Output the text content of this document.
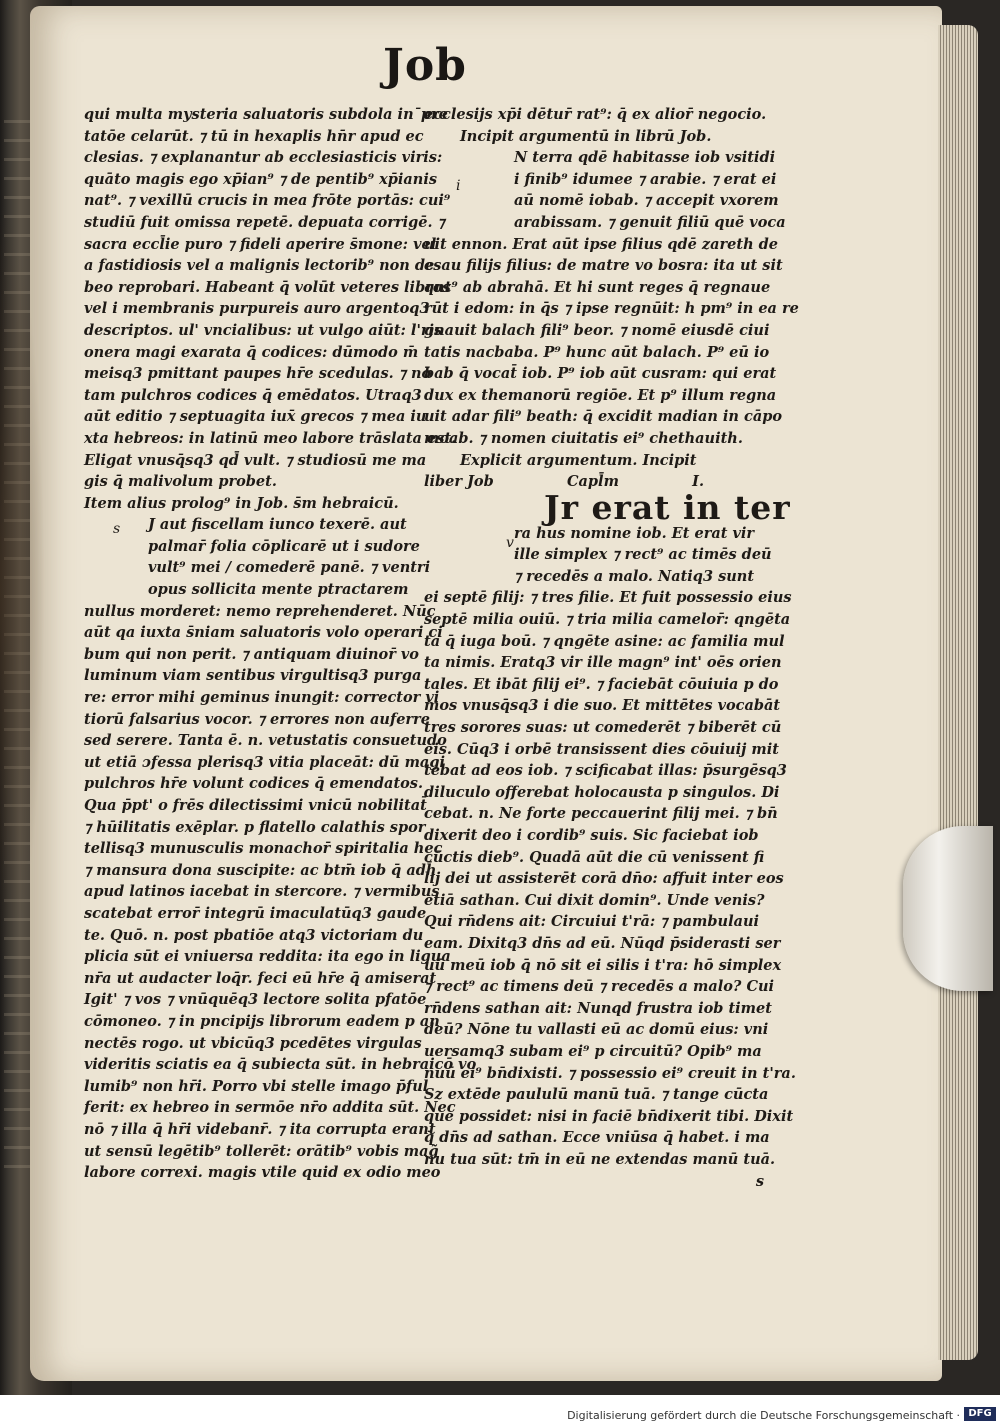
Job
qui multa mysteria saluatoris subdola in¯pre
tatōe celarūt. ⁊ tū in hexaplis hn̄r apud ec
clesias. ⁊ explanantur ab ecclesiasticis viris:
quāto magis ego xp̄ian⁹ ⁊ de pentib⁹ xp̄ianis
nat⁹. ⁊ vexillū crucis in mea frōte portās: cui⁹
studiū fuit omissa repetē. depuata corrigē. ⁊
sacra eccl̄ie puro ⁊ fideli aperire s̄mone: vel
a fastidiosis vel a malignis lectorib⁹ non de
beo reprobari. Habeant q̄ volūt veteres libros
vel i membranis purpureis auro argentoq3
descriptos. ul' vncialibus: ut vulgo aiūt: l'ris
onera magi exarata q̄ codices: dūmodo m̄
meisq3 pmittant paupes hr̄e scedulas. ⁊ nō
tam pulchros codices q̄ emēdatos. Utraq3
aūt editio ⁊ septuagita iux̄ grecos ⁊ mea iu
xta hebreos: in latinū meo labore trāslata est.
Eligat vnusq̄sq3 qd̄ vult. ⁊ studiosū me ma
gis q̄ malivolum probet.
Item alius prolog⁹ in Job. s̄m hebraicū.
J aut fiscellam iunco texerē. aut
palmar̄ folia cōplicarē ut i sudore
vult⁹ mei / comederē panē. ⁊ ventri
opus sollicita mente ptractarem
nullus morderet: nemo reprehenderet. Nūc
aūt qa iuxta s̄niam saluatoris volo operari ci
bum qui non perit. ⁊ antiquam diuinor̄ vo
luminum viam sentibus virgultisq3 purga
re: error mihi geminus inungit: corrector vi
tiorū falsarius vocor. ⁊ errores non auferre
sed serere. Tanta ē. n. vetustatis consuetudo
ut etiā ɔfessa plerisq3 vitia placeāt: dū magi
pulchros hr̄e volunt codices q̄ emendatos.
Qua p̄pt' o frēs dilectissimi vnicū nobilitat̄
⁊ hūilitatis exēplar. p flatello calathis spor
tellisq3 munusculis monachor̄ spiritalia hec
⁊ mansura dona suscipite: ac btm̄ iob q̄ adh̄
apud latinos iacebat in stercore. ⁊ vermibus
scatebat error̄ integrū imaculatūq3 gaude
te. Quō. n. post pbatiōe atq3 victoriam du
plicia sūt ei vniuersa reddita: ita ego in ligua
nr̄a ut audacter loq̄r. feci eū hr̄e q̄ amiserat
Igit' ⁊ vos ⁊ vnūquēq3 lectore solita pfatōe
cōmoneo. ⁊ in pncipijs librorum eadem p an
nectēs rogo. ut vbicūq3 pcedētes virgulas
videritis sciatis ea q̄ subiecta sūt. in hebraicō vo
lumib⁹ non hr̄i. Porro vbi stelle imago p̄ful
ferit: ex hebreo in sermōe nr̄o addita sūt. Nec
nō ⁊ illa q̄ hr̄i videbanr̄. ⁊ ita corrupta erant
ut sensū legētib⁹ tollerēt: orātib⁹ vobis mag̃
labore correxi. magis vtile quid ex odio meo
ecclesijs xp̄i dētur̄ rat⁹: q̄ ex alior̄ negocio.
Incipit argumentū in librū Job.
N terra qdē habitasse iob vsitidi
i finib⁹ idumee ⁊ arabie. ⁊ erat ei
aū nomē iobab. ⁊ accepit vxorem
arabissam. ⁊ genuit filiū quē voca
uit ennon. Erat aūt ipse filius qdē zareth de
esau filijs filius: de matre vo bosra: ita ut sit
qnt⁹ ab abrahā. Et hi sunt reges q̄ regnaue
rūt i edom: in q̄s ⁊ ipse regnūit: h pm⁹ in ea re
gnauit balach fili⁹ beor. ⁊ nomē eiusdē ciui
tatis nacbaba. P⁹ hunc aūt balach. P⁹ eū io
bab q̄ vocat̄ iob. P⁹ iob aūt cusram: qui erat
dux ex themanorū regiōe. Et p⁹ illum regna
uit adar fili⁹ beath: q̄ excidit madian in cāpo
moab. ⁊ nomen ciuitatis ei⁹ chethauith.
Explicit argumentum. Incipit
liber Job	Capl̄m	I.
Jr erat in ter
ra hus nomine iob. Et erat vir
ille simplex ⁊ rect⁹ ac timēs deū
⁊ recedēs a malo. Natiq3 sunt
ei septē filij: ⁊ tres filie. Et fuit possessio eius
septē milia ouiū. ⁊ tria milia camelor̄: qngēta
ta q̄ iuga boū. ⁊ qngēte asine: ac familia mul
ta nimis. Eratq3 vir ille magn⁹ int' oēs orien
tales. Et ibāt filij ei⁹. ⁊ faciebāt cōuiuia p do
mos vnusq̄sq3 i die suo. Et mittētes vocabāt
tres sorores suas: ut comederēt ⁊ biberēt cū
eis. Cūq3 i orbē transissent dies cōuiuij mit
tebat ad eos iob. ⁊ scificabat illas: p̄surgēsq3
diluculo offerebat holocausta p singulos. Di
cebat. n. Ne forte peccauerint filij mei. ⁊ bn̄
dixerit deo i cordib⁹ suis. Sic faciebat iob
cūctis dieb⁹. Quadā aūt die cū venissent fi
lij dei ut assisterēt corā dn̄o: affuit inter eos
etiā sathan. Cui dixit domin⁹. Unde venis?
Qui rn̄dens ait: Circuiui t'rā: ⁊ pambulaui
eam. Dixitq3 dn̄s ad eū. Nūqd p̄siderasti ser
uū meū iob q̄ nō sit ei silis i t'ra: hō simplex
⁊ rect⁹ ac timens deū ⁊ recedēs a malo? Cui
rn̄dens sathan ait: Nunqd frustra iob timet
deū? Nōne tu vallasti eū ac domū eius: vni
uersamq3 subam ei⁹ p circuitū? Opib⁹ ma
nuū ei⁹ bn̄dixisti. ⁊ possessio ei⁹ creuit in t'ra.
Sz extēde paululū manū tuā. ⁊ tange cūcta
que possidet: nisi in faciē bn̄dixerit tibi. Dixit
q̄ dn̄s ad sathan. Ecce vniūsa q̄ habet. i ma
nu tua sūt: tm̄ in eū ne extendas manū tuā.
s
s
i
v
Digitalisierung gefördert durch die Deutsche Forschungsgemeinschaft · DFG
